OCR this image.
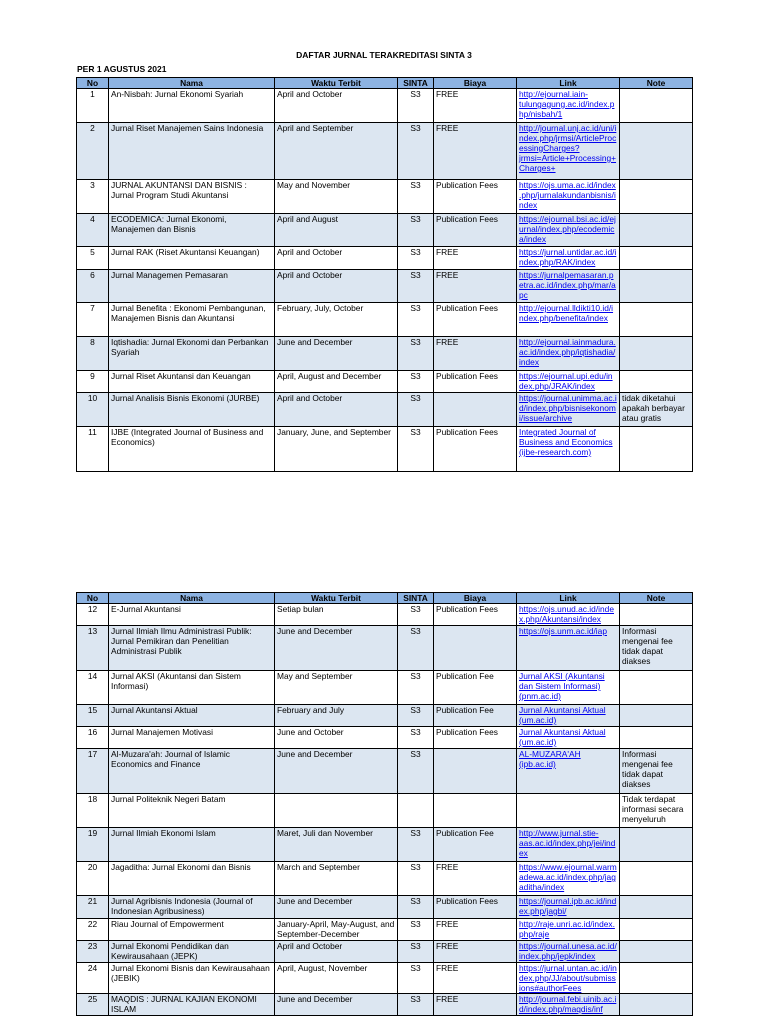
DAFTAR JURNAL TERAKREDITASI SINTA 3
PER 1 AGUSTUS 2021
No	Nama	Waktu Terbit	SINTA	Biaya	Link	Note
1	An-Nisbah: Jurnal Ekonomi Syariah	April and October	S3	FREE	http://ejournal.iain-tulungagung.ac.id/index.php/nisbah/1	
2	Jurnal Riset Manajemen Sains Indonesia	April and September	S3	FREE	http://journal.unj.ac.id/uni/index.php/jrmsi/ArticleProcessingCharges?jrmsi=Article+Processing+Charges+	
3	JURNAL AKUNTANSI DAN BISNIS : Jurnal Program Studi Akuntansi	May and November	S3	Publication Fees	https://ojs.uma.ac.id/index.php/jurnalakundanbisnis/index	
4	ECODEMICA: Jurnal Ekonomi, Manajemen dan Bisnis	April and August	S3	Publication Fees	https://ejournal.bsi.ac.id/ejurnal/index.php/ecodemica/index	
5	Jurnal RAK (Riset Akuntansi Keuangan)	April and October	S3	FREE	https://jurnal.untidar.ac.id/index.php/RAK/index	
6	Jurnal Managemen Pemasaran	April and October	S3	FREE	https://jurnalpemasaran.petra.ac.id/index.php/mar/apc	
7	Jurnal Benefita : Ekonomi Pembangunan, Manajemen Bisnis dan Akuntansi	February, July, October	S3	Publication Fees	http://ejournal.lldikti10.id/index.php/benefita/index	
8	Iqtishadia: Jurnal Ekonomi dan Perbankan Syariah	June and December	S3	FREE	http://ejournal.iainmadura.ac.id/index.php/iqtishadia/index	
9	Jurnal Riset Akuntansi dan Keuangan	April, August and December	S3	Publication Fees	https://ejournal.upi.edu/index.php/JRAK/index	
10	Jurnal Analisis Bisnis Ekonomi (JURBE)	April and October	S3		https://journal.unimma.ac.id/index.php/bisnisekonomi/issue/archive	tidak diketahui apakah berbayar atau gratis
11	IJBE (Integrated Journal of Business and Economics)	January, June, and September	S3	Publication Fees	Integrated Journal of Business and Economics (ijbe-research.com)	
No	Nama	Waktu Terbit	SINTA	Biaya	Link	Note
12	E-Jurnal Akuntansi	Setiap bulan	S3	Publication Fees	https://ojs.unud.ac.id/index.php/Akuntansi/index	
13	Jurnal Ilmiah Ilmu Administrasi Publik: Jurnal Pemikiran dan Penelitian Administrasi Publik	June and December	S3		https://ojs.unm.ac.id/iap	Informasi mengenai fee tidak dapat diakses
14	Jurnal AKSI (Akuntansi dan Sistem Informasi)	May and September	S3	Publication Fee	Jurnal AKSI (Akuntansi dan Sistem Informasi) (pnm.ac.id)	
15	Jurnal Akuntansi Aktual	February and July	S3	Publication Fee	Jurnal Akuntansi Aktual (um.ac.id)	
16	Jurnal Manajemen Motivasi	June and October	S3	Publication Fees	Jurnal Akuntansi Aktual (um.ac.id)	
17	Al-Muzara'ah: Journal of Islamic Economics and Finance	June and December	S3		AL-MUZARA'AH (ipb.ac.id)	Informasi mengenai fee tidak dapat diakses
18	Jurnal Politeknik Negeri Batam					Tidak terdapat informasi secara menyeluruh
19	Jurnal Ilmiah Ekonomi Islam	Maret, Juli dan November	S3	Publication Fee	http://www.jurnal.stie-aas.ac.id/index.php/jei/index	
20	Jagaditha: Jurnal Ekonomi dan Bisnis	March and September	S3	FREE	https://www.ejournal.warmadewa.ac.id/index.php/jagaditha/index	
21	Jurnal Agribisnis Indonesia (Journal of Indonesian Agribusiness)	June and December	S3	Publication Fees	https://journal.ipb.ac.id/index.php/jagbi/	
22	Riau Journal of Empowerment	January-April, May-August, and September-December	S3	FREE	http://raje.unri.ac.id/index.php/raje	
23	Jurnal Ekonomi Pendidikan dan Kewirausahaan (JEPK)	April and October	S3	FREE	https://journal.unesa.ac.id/index.php/jepk/index	
24	Jurnal Ekonomi Bisnis dan Kewirausahaan (JEBIK)	April, August, November	S3	FREE	https://jurnal.untan.ac.id/index.php/JJ/about/submissions#authorFees	
25	MAQDIS : JURNAL KAJIAN EKONOMI ISLAM	June and December	S3	FREE	http://journal.febi.uinib.ac.id/index.php/maqdis/inf	
